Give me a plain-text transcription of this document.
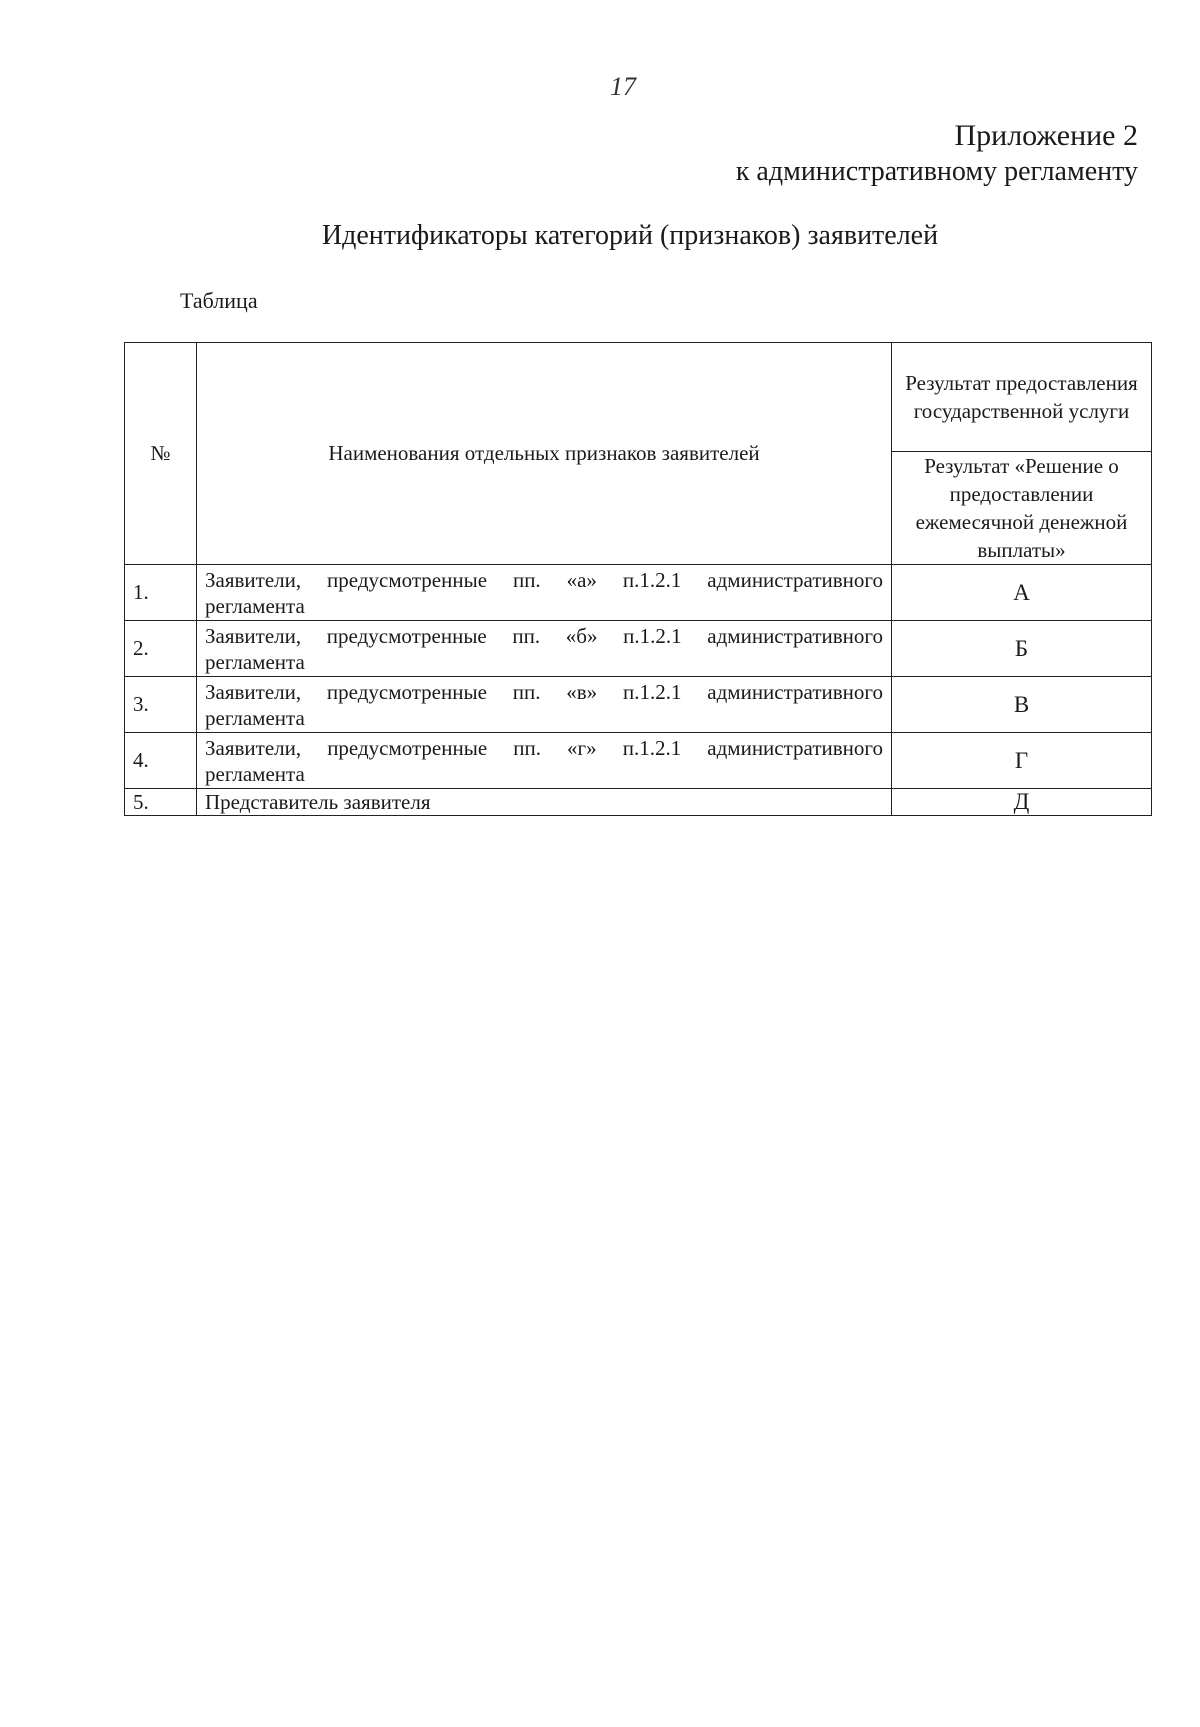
17
Приложение 2
к административному регламенту
Идентификаторы категорий (признаков) заявителей
Таблица
№	Наименования отдельных признаков заявителей	Результат предоставления государственной услуги
		Результат «Решение о предоставлении ежемесячной денежной выплаты»
1.	Заявители, предусмотренные пп. «а» п.1.2.1 административного регламента	А
2.	Заявители, предусмотренные пп. «б» п.1.2.1 административного регламента	Б
3.	Заявители, предусмотренные пп. «в» п.1.2.1 административного регламента	В
4.	Заявители, предусмотренные пп. «г» п.1.2.1 административного регламента	Г
5.	Представитель заявителя	Д
